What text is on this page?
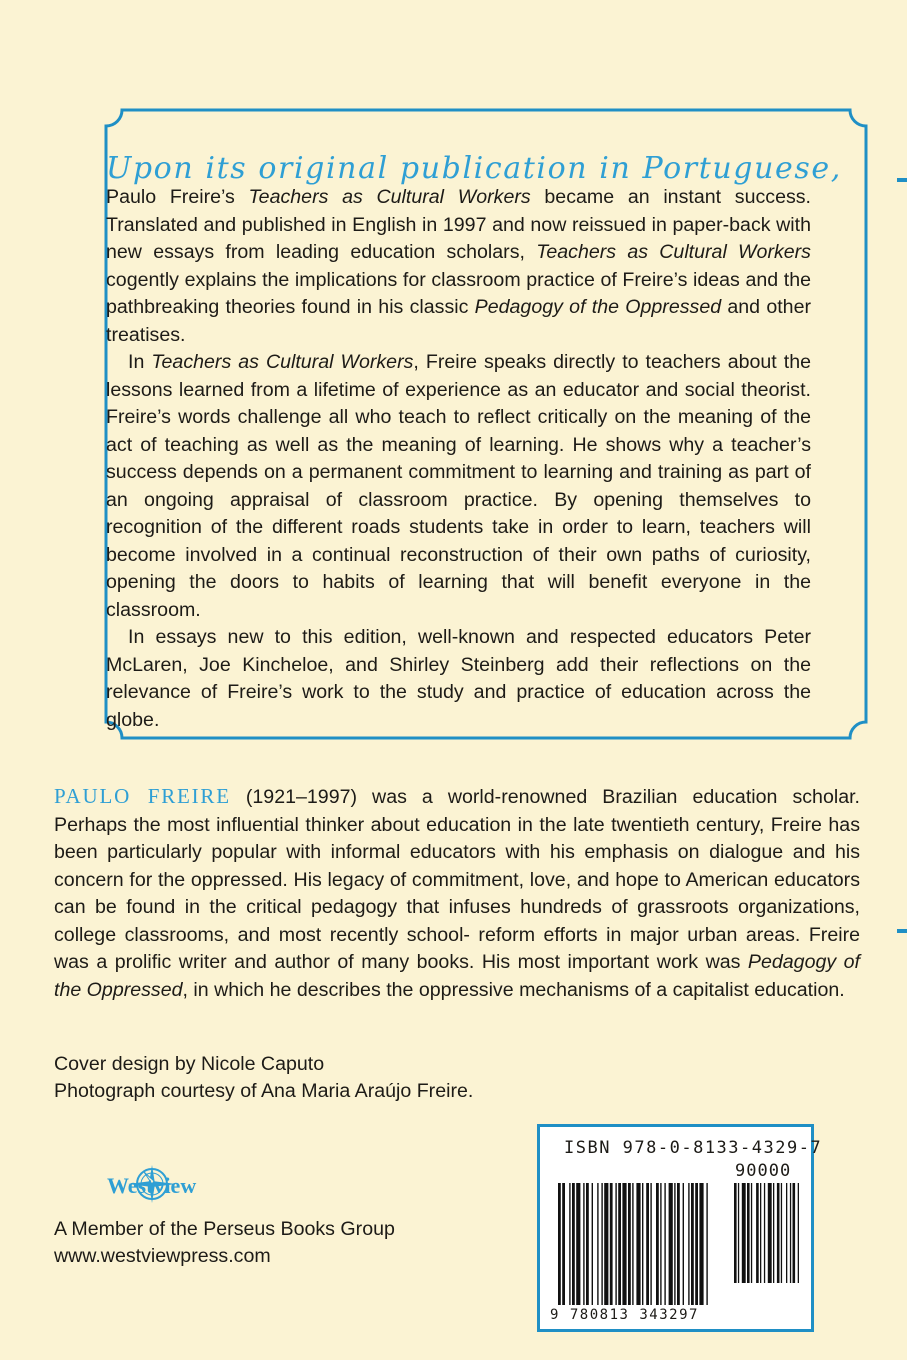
Upon its original publication in Portuguese,

Paulo Freire’s Teachers as Cultural Workers became an instant success. Translated and published in English in 1997 and now reissued in paper-back with new essays from leading education scholars, Teachers as Cultural Workers cogently explains the implications for classroom practice of Freire’s ideas and the pathbreaking theories found in his classic Pedagogy of the Oppressed and other treatises.

In Teachers as Cultural Workers, Freire speaks directly to teachers about the lessons learned from a lifetime of experience as an educator and social theorist. Freire’s words challenge all who teach to reflect critically on the meaning of the act of teaching as well as the meaning of learning. He shows why a teacher’s success depends on a permanent commitment to learning and training as part of an ongoing appraisal of classroom practice. By opening themselves to recognition of the different roads students take in order to learn, teachers will become involved in a continual reconstruction of their own paths of curiosity, opening the doors to habits of learning that will benefit everyone in the classroom.

In essays new to this edition, well-known and respected educators Peter McLaren, Joe Kincheloe, and Shirley Steinberg add their reflections on the relevance of Freire’s work to the study and practice of education across the globe.

PAULO FREIRE (1921–1997) was a world-renowned Brazilian education scholar. Perhaps the most influential thinker about education in the late twentieth century, Freire has been particularly popular with informal educators with his emphasis on dialogue and his concern for the oppressed. His legacy of commitment, love, and hope to American educators can be found in the critical pedagogy that infuses hundreds of grassroots organizations, college classrooms, and most recently school- reform efforts in major urban areas. Freire was a prolific writer and author of many books. His most important work was Pedagogy of the Oppressed, in which he describes the oppressive mechanisms of a capitalist education.

Cover design by Nicole Caputo
Photograph courtesy of Ana Maria Araújo Freire.
Westview
A Member of the Perseus Books Group
www.westviewpress.com
ISBN 978-0-8133-4329-7
90000
9 780813 343297
